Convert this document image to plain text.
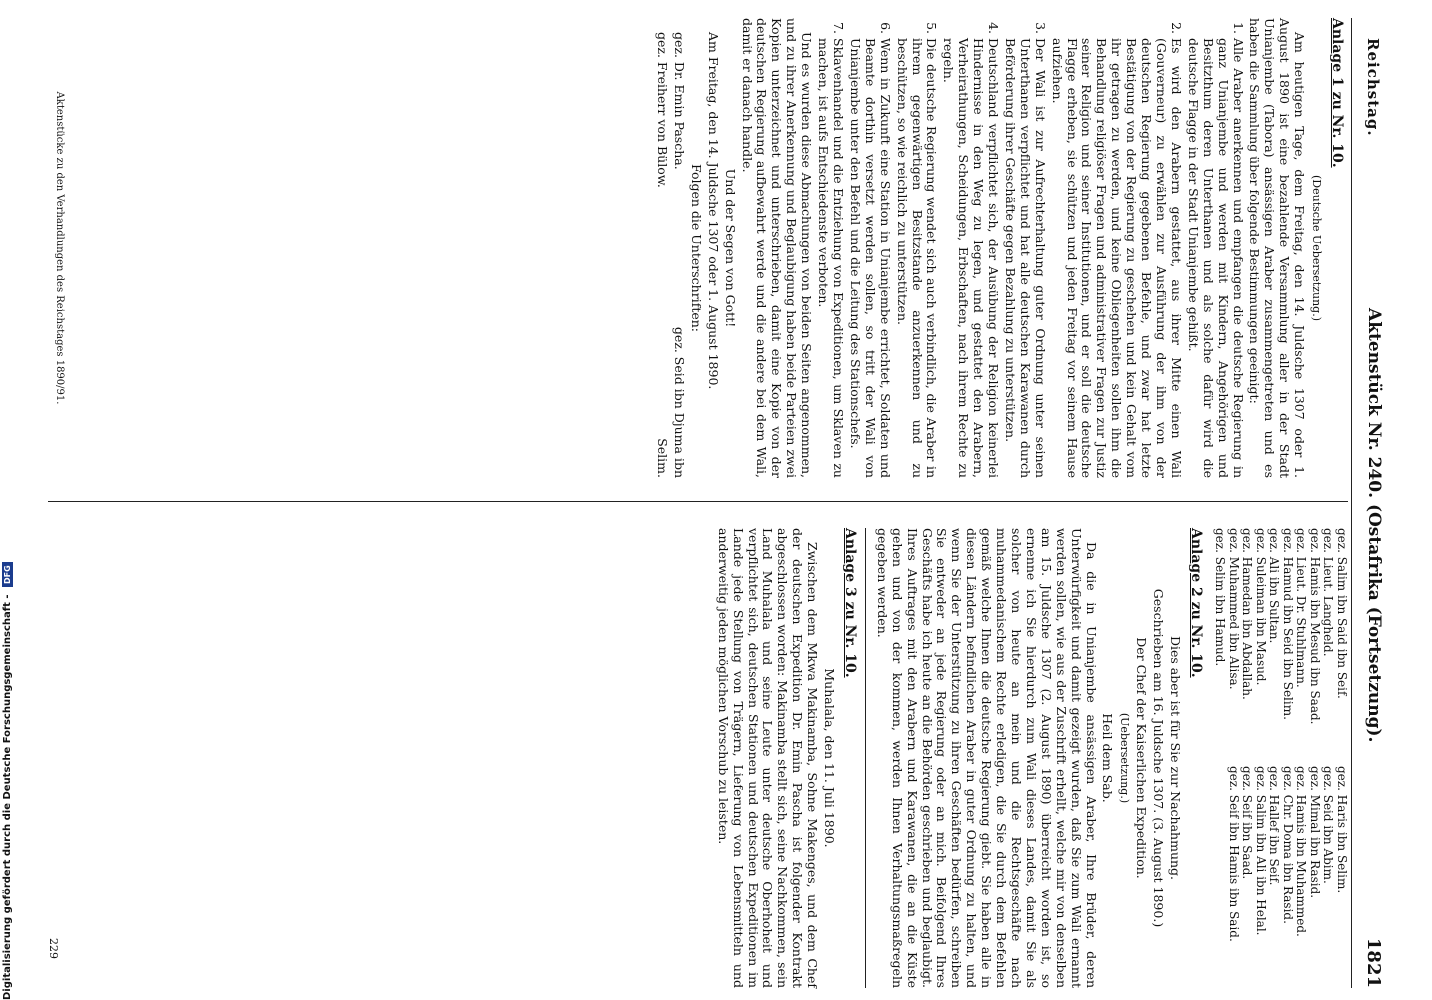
Reichstag.
Aktenstück Nr. 240. (Ostafrika (Fortsetzung).
1821

Anlage 1 zu Nr. 10.

(Deutsche Uebersetzung.)

Am heutigen Tage, dem Freitag, den 14. Juldsche 1307 oder 1. August 1890 ist eine bezahlende Versammlung aller in der Stadt Unianjembe (Tabora) ansässigen Araber zusammengetreten und es haben die Sammlung über folgende Bestimmungen geeinigt:

1. Alle Araber anerkennen und empfangen die deutsche Regierung in ganz Unianjembe und werden mit Kindern, Angehörigen und Besitzthum deren Unterthanen und als solche dafür wird die deutsche Flagge in der Stadt Unianjembe gehißt.
2. Es wird den Arabern gestattet, aus ihrer Mitte einen Wali (Gouverneur) zu erwählen zur Ausführung der ihm von der deutschen Regierung gegebenen Befehle, und zwar hat letzte Bestätigung von der Regierung zu geschehen und kein Gehalt vom ihr getragen zu werden, und keine Obliegenheiten sollen ihm die Behandlung religiöser Fragen und administrativer Fragen zur Justiz seiner Religion und seiner Institutionen, und er soll die deutsche Flagge erheben, sie schützen und jeden Freitag vor seinem Hause aufziehen.
3. Der Wali ist zur Aufrechterhaltung guter Ordnung unter seinen Unterthanen verpflichtet und hat alle deutschen Karawanen durch Beförderung ihrer Geschäfte gegen Bezahlung zu unterstützen.
4. Deutschland verpflichtet sich, der Ausübung der Religion keinerlei Hindernisse in den Weg zu legen, und gestattet den Arabern, Verheirathungen, Scheidungen, Erbschaften, nach ihrem Rechte zu regeln.
5. Die deutsche Regierung wendet sich auch verbindlich, die Araber in ihrem gegenwärtigen Besitzstande anzuerkennen und zu beschützen, so wie reichlich zu unterstützen.
6. Wenn in Zukunft eine Station in Unianjembe errichtet, Soldaten und Beamte dorthin versetzt werden sollen, so tritt der Wali von Unianjembe unter den Befehl und die Leitung des Stationschefs.
7. Sklavenhandel und die Entziehung von Expeditionen, um Sklaven zu machen, ist aufs Entschiedenste verboten.

Und es wurden diese Abmachungen von beiden Seiten angenommen, und zu ihrer Anerkennung und Beglaubigung haben beide Parteien zwei Kopien unterzeichnet und unterschrieben, damit eine Kopie von der deutschen Regierung aufbewahrt werde und die andere bei dem Wali, damit er danach handle.

Und der Segen von Gott!

Am Freitag, den 14. Juldsche 1307 oder 1. August 1890.

Folgen die Unterschriften:

gez. Dr. Emin Pascha.
gez. Seid ibn Djuma ibn

gez. Freiherr von Bülow.
Selim.

Aktenstücke zu den Verhandlungen des Reichstages 1890/91.
gez. Salim ibn Said ibn Seif.
gez. Lieut. Langheld.
gez. Hamis ibn Mesud ibn Saad.
gez. Lieut. Dr. Stuhlmann.
gez. Hamud ibn Seid ibn Selim.
gez. Ali ibn Sultan.
gez. Suleiman ibn Masud.
gez. Hamedan ibn Abdallah.
gez. Muhammed ibn Alisa.
gez. Selim ibn Hamud.
gez. Haris ibn Selim.
gez. Seid ibn Abim.
gez. Mimal ibn Rasid.
gez. Hamis ibn Muhammed.
gez. Chr. Doma ibn Rasid.
gez. Hallef ibn Seif.
gez. Salim ibn Ali ibn Helal.
gez. Seif ibn Saad.
gez. Seif ibn Hamis ibn Said.

Anlage 2 zu Nr. 10.

Dies aber ist für Sie zur Nachahmung.

Geschrieben am 16. Juldsche 1307. (3. August 1890.)

Der Chef der Kaiserlichen Expedition.

(Uebersetzung.)

Heil dem Sab.

Da die in Unianjembe ansässigen Araber, Ihre Brüder, deren Unterwürfigkeit und damit gezeigt wurden, daß Sie zum Wali ernannt werden sollen, wie aus der Zuschrift erhellt, welche mir von denselben am 15. Juldsche 1307 (2. August 1890) überreicht worden ist, so ernenne ich Sie hierdurch zum Wali dieses Landes, damit Sie als solcher von heute an mein und die Rechtsgeschäfte nach muhammedanischem Rechte erledigen, die Sie durch dem Befehlen gemäß welche Ihnen die deutsche Regierung giebt. Sie haben alle in diesen Ländern befindlichen Araber in guter Ordnung zu halten, und wenn Sie der Unterstützung zu ihren Geschäften bedürfen, schreiben Sie entweder an jede Regierung oder an mich. Beifolgend Ihres Geschäfts habe ich heute an die Behörden geschrieben und beglaubigt. Ihres Auftrages mit den Arabern und Karawanen, die an die Küste gehen und von der kommen, werden Ihnen Verhaltungsmaßregeln gegeben werden.

Anlage 3 zu Nr. 10.

Muhalala, den 11. Juli 1890.

Zwischen dem Mkwa Makinamba, Sohne Makenges, und dem Chef der deutschen Expedition Dr. Emin Pascha ist folgender Kontrakt abgeschlossen worden: Makinamba stellt sich, seine Nachkommen, sein Land Muhalala und seine Leute unter deutsche Oberhoheit und verpflichtet sich, deutschen Stationen und deutschen Expeditionen im Lande jede Stellung von Trägern, Lieferung von Lebensmitteln und anderweitig jeden möglichen Vorschub zu leisten.

229
Digitalisierung gefördert durch die Deutsche Forschungsgemeinschaft - DFG
